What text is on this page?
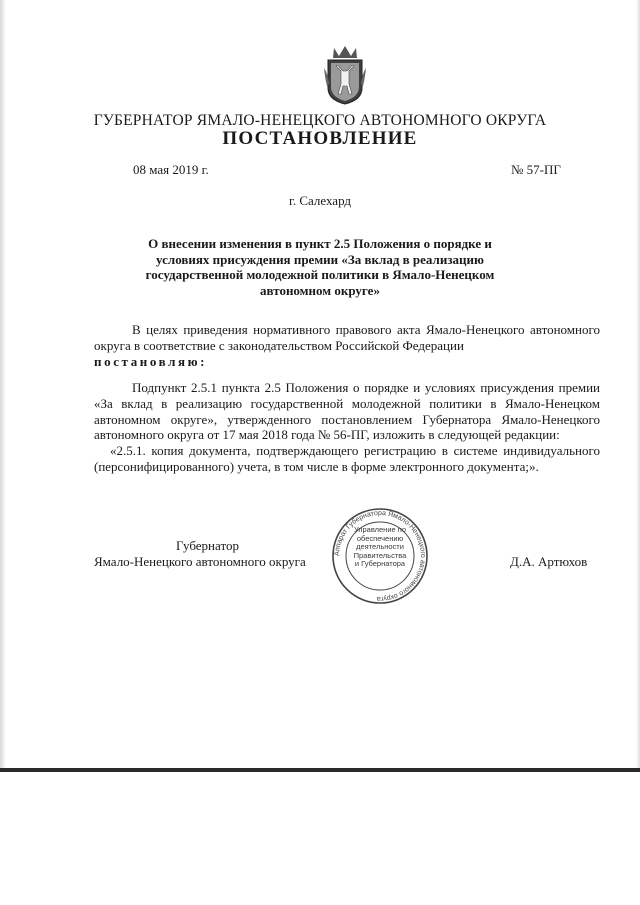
ГУБЕРНАТОР ЯМАЛО-НЕНЕЦКОГО АВТОНОМНОГО ОКРУГА
ПОСТАНОВЛЕНИЕ
08 мая 2019 г.	№ 57-ПГ
г. Салехард
О внесении изменения в пункт 2.5 Положения о порядке и условиях присуждения премии «За вклад в реализацию государственной молодежной политики в Ямало-Ненецком автономном округе»
В целях приведения нормативного правового акта Ямало-Ненецкого автономного округа в соответствие с законодательством Российской Федерации
постановляю:
Подпункт 2.5.1 пункта 2.5 Положения о порядке и условиях присуждения премии «За вклад в реализацию государственной молодежной политики в Ямало-Ненецком автономном округе», утвержденного постановлением Губернатора Ямало-Ненецкого автономного округа от 17 мая 2018 года № 56-ПГ, изложить в следующей редакции:
«2.5.1. копия документа, подтверждающего регистрацию в системе индивидуального (персонифицированного) учета, в том числе в форме электронного документа;».
Губернатор
Ямало-Ненецкого автономного округа	Д.А. Артюхов
Аппарат Губернатора Ямало-Ненецкого автономного округа
Управление по
обеспечению
деятельности
Правительства
и Губернатора
